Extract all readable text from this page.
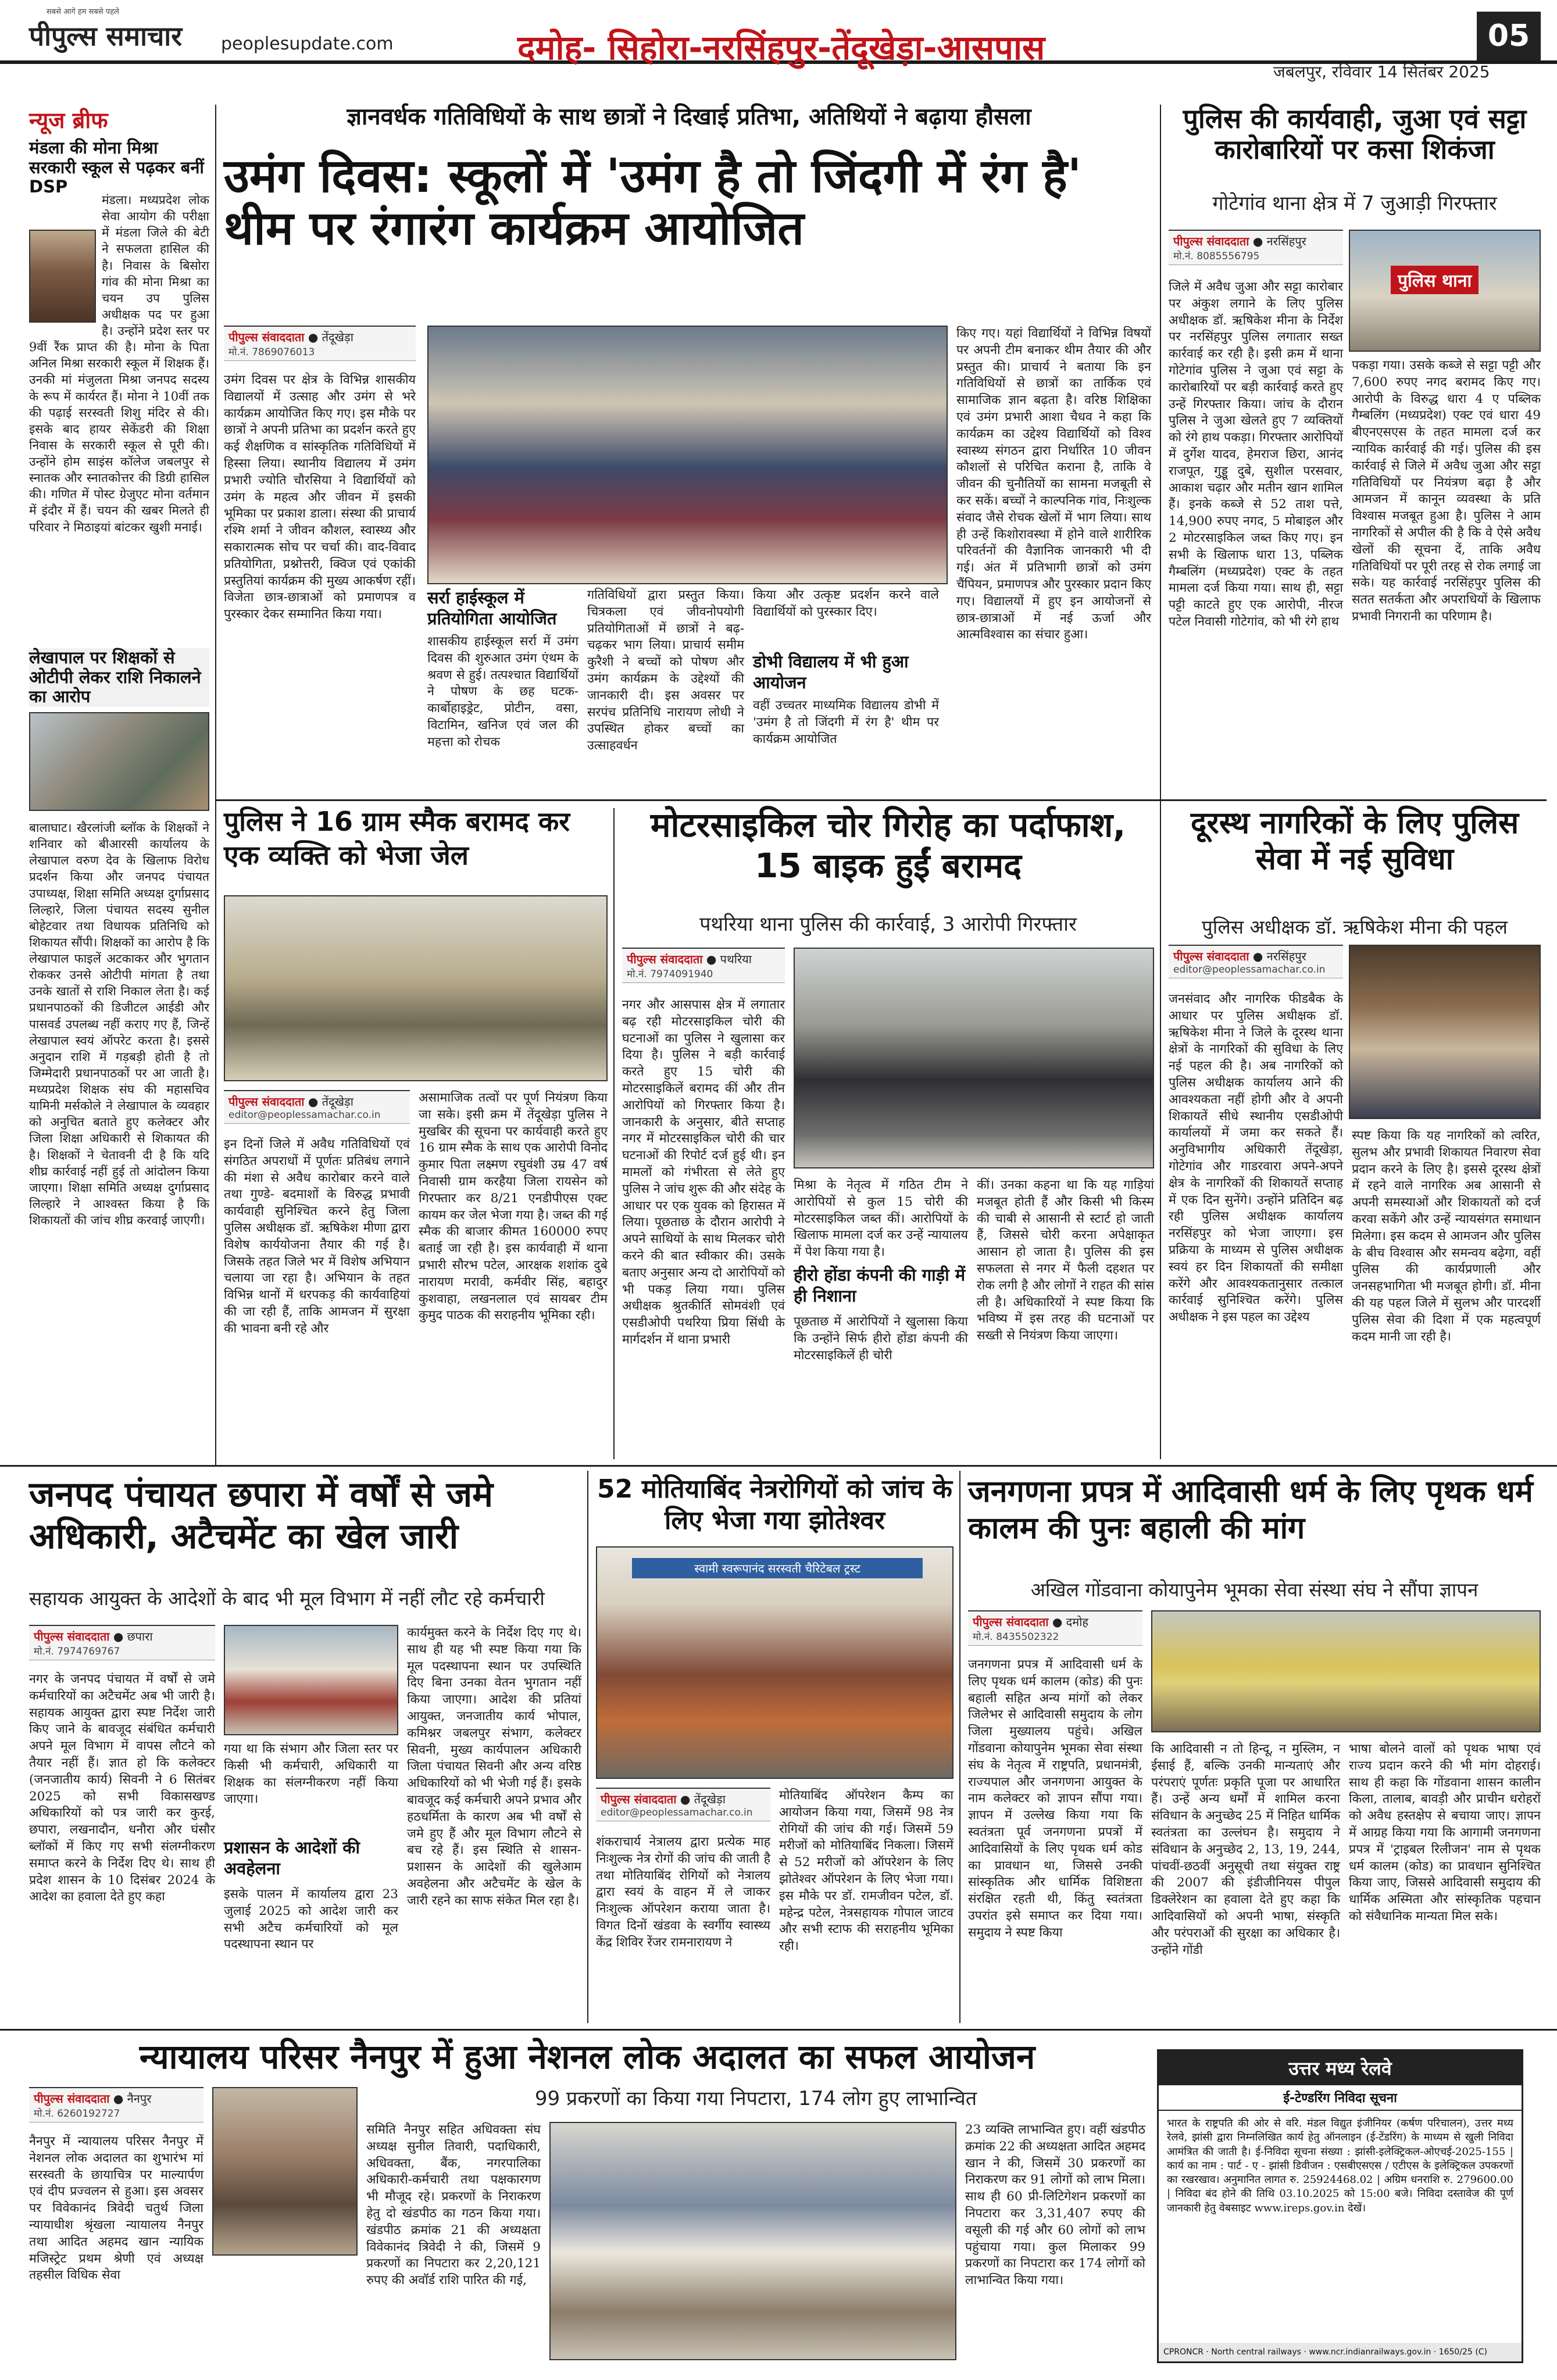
सबसे आगे हम सबसे पहले
पीपुल्स समाचार peoplesupdate.com	दमोह- सिहोरा-नरसिंहपुर-तेंदूखेड़ा-आसपास	05
जबलपुर, रविवार 14 सितंबर 2025
न्यूज ब्रीफ
मंडला की मोना मिश्रा सरकारी स्कूल से पढ़कर बनीं DSP
मंडला। मध्यप्रदेश लोक सेवा आयोग की परीक्षा में मंडला जिले की बेटी ने सफलता हासिल की है। निवास के बिसोरा गांव की मोना मिश्रा का चयन उप पुलिस अधीक्षक पद पर हुआ है। उन्होंने प्रदेश स्तर पर 9वीं रैंक प्राप्त की है। मोना के पिता अनिल मिश्रा सरकारी स्कूल में शिक्षक हैं। उनकी मां मंजुलता मिश्रा जनपद सदस्य के रूप में कार्यरत हैं। मोना ने 10वीं तक की पढ़ाई सरस्वती शिशु मंदिर से की। इसके बाद हायर सेकेंडरी की शिक्षा निवास के सरकारी स्कूल से पूरी की। उन्होंने होम साइंस कॉलेज जबलपुर से स्नातक और स्नातकोत्तर की डिग्री हासिल की। गणित में पोस्ट ग्रेजुएट मोना वर्तमान में इंदौर में हैं। चयन की खबर मिलते ही परिवार ने मिठाइयां बांटकर खुशी मनाई।
लेखापाल पर शिक्षकों से ओटीपी लेकर राशि निकालने का आरोप
बालाघाट। खैरलांजी ब्लॉक के शिक्षकों ने शनिवार को बीआरसी कार्यालय के लेखापाल वरुण देव के खिलाफ विरोध प्रदर्शन किया और जनपद पंचायत उपाध्यक्ष, शिक्षा समिति अध्यक्ष दुर्गाप्रसाद लिल्हारे, जिला पंचायत सदस्य सुनील बोहेटवार तथा विधायक प्रतिनिधि को शिकायत सौंपी। शिक्षकों का आरोप है कि लेखापाल फाइलें अटकाकर और भुगतान रोककर उनसे ओटीपी मांगता है तथा उनके खातों से राशि निकाल लेता है। कई प्रधानपाठकों की डिजीटल आईडी और पासवर्ड उपलब्ध नहीं कराए गए हैं, जिन्हें लेखापाल स्वयं ऑपरेट करता है। इससे अनुदान राशि में गड़बड़ी होती है तो जिम्मेदारी प्रधानपाठकों पर आ जाती है। मध्यप्रदेश शिक्षक संघ की महासचिव यामिनी मर्सकोले ने लेखापाल के व्यवहार को अनुचित बताते हुए कलेक्टर और जिला शिक्षा अधिकारी से शिकायत की है। शिक्षकों ने चेतावनी दी है कि यदि शीघ्र कार्रवाई नहीं हुई तो आंदोलन किया जाएगा। शिक्षा समिति अध्यक्ष दुर्गाप्रसाद लिल्हारे ने आश्वस्त किया है कि शिकायतों की जांच शीघ्र करवाई जाएगी।
ज्ञानवर्धक गतिविधियों के साथ छात्रों ने दिखाई प्रतिभा, अतिथियों ने बढ़ाया हौसला
उमंग दिवस: स्कूलों में 'उमंग है तो जिंदगी में रंग है' थीम पर रंगारंग कार्यक्रम आयोजित
पीपुल्स संवाददाता ● तेंदूखेड़ा
मो.नं. 7869076013
उमंग दिवस पर क्षेत्र के विभिन्न शासकीय विद्यालयों में उत्साह और उमंग से भरे कार्यक्रम आयोजित किए गए। इस मौके पर छात्रों ने अपनी प्रतिभा का प्रदर्शन करते हुए कई शैक्षणिक व सांस्कृतिक गतिविधियों में हिस्सा लिया। स्थानीय विद्यालय में उमंग प्रभारी ज्योति चौरसिया ने विद्यार्थियों को उमंग के महत्व और जीवन में इसकी भूमिका पर प्रकाश डाला। संस्था की प्राचार्य रश्मि शर्मा ने जीवन कौशल, स्वास्थ्य और सकारात्मक सोच पर चर्चा की। वाद-विवाद प्रतियोगिता, प्रश्नोत्तरी, क्विज एवं एकांकी प्रस्तुतियां कार्यक्रम की मुख्य आकर्षण रहीं। विजेता छात्र-छात्राओं को प्रमाणपत्र व पुरस्कार देकर सम्मानित किया गया।
सर्रा हाईस्कूल में प्रतियोगिता आयोजित
शासकीय हाईस्कूल सर्रा में उमंग दिवस की शुरुआत उमंग एंथम के श्रवण से हुई। तत्पश्चात विद्यार्थियों ने पोषण के छह घटक- कार्बोहाइड्रेट, प्रोटीन, वसा, विटामिन, खनिज एवं जल की महत्ता को रोचक
गतिविधियों द्वारा प्रस्तुत किया। चित्रकला एवं जीवनोपयोगी प्रतियोगिताओं में छात्रों ने बढ़-चढ़कर भाग लिया। प्राचार्य समीम कुरैशी ने बच्चों को पोषण और उमंग कार्यक्रम के उद्देश्यों की जानकारी दी। इस अवसर पर सरपंच प्रतिनिधि नारायण लोधी ने उपस्थित होकर बच्चों का उत्साहवर्धन
किया और उत्कृष्ट प्रदर्शन करने वाले विद्यार्थियों को पुरस्कार दिए।
डोभी विद्यालय में भी हुआ आयोजन
वहीं उच्चतर माध्यमिक विद्यालय डोभी में 'उमंग है तो जिंदगी में रंग है' थीम पर कार्यक्रम आयोजित
किए गए। यहां विद्यार्थियों ने विभिन्न विषयों पर अपनी टीम बनाकर थीम तैयार की और प्रस्तुत की। प्राचार्य ने बताया कि इन गतिविधियों से छात्रों का तार्किक एवं सामाजिक ज्ञान बढ़ता है। वरिष्ठ शिक्षिका एवं उमंग प्रभारी आशा चैधव ने कहा कि कार्यक्रम का उद्देश्य विद्यार्थियों को विश्व स्वास्थ्य संगठन द्वारा निर्धारित 10 जीवन कौशलों से परिचित कराना है, ताकि वे जीवन की चुनौतियों का सामना मजबूती से कर सकें। बच्चों ने काल्पनिक गांव, निःशुल्क संवाद जैसे रोचक खेलों में भाग लिया। साथ ही उन्हें किशोरावस्था में होने वाले शारीरिक परिवर्तनों की वैज्ञानिक जानकारी भी दी गई। अंत में प्रतिभागी छात्रों को उमंग चैंपियन, प्रमाणपत्र और पुरस्कार प्रदान किए गए। विद्यालयों में हुए इन आयोजनों से छात्र-छात्राओं में नई ऊर्जा और आत्मविश्वास का संचार हुआ।
पुलिस की कार्यवाही, जुआ एवं सट्टा कारोबारियों पर कसा शिकंजा
गोटेगांव थाना क्षेत्र में 7 जुआड़ी गिरफ्तार
पीपुल्स संवाददाता ● नरसिंहपुर
मो.नं. 8085556795
पुलिस थाना
जिले में अवैध जुआ और सट्टा कारोबार पर अंकुश लगाने के लिए पुलिस अधीक्षक डॉ. ऋषिकेश मीना के निर्देश पर नरसिंहपुर पुलिस लगातार सख्त कार्रवाई कर रही है। इसी क्रम में थाना गोटेगांव पुलिस ने जुआ एवं सट्टा के कारोबारियों पर बड़ी कार्रवाई करते हुए उन्हें गिरफ्तार किया। जांच के दौरान पुलिस ने जुआ खेलते हुए 7 व्यक्तियों को रंगे हाथ पकड़ा। गिरफ्तार आरोपियों में दुर्गेश यादव, हेमराज छिरा, आनंद राजपूत, गुड्डू दुबे, सुशील परसवार, आकाश चढ़ार और मतीन खान शामिल हैं। इनके कब्जे से 52 ताश पत्ते, 14,900 रुपए नगद, 5 मोबाइल और 2 मोटरसाइकिल जब्त किए गए। इन सभी के खिलाफ धारा 13, पब्लिक गैम्बलिंग (मध्यप्रदेश) एक्ट के तहत मामला दर्ज किया गया। साथ ही, सट्टा पट्टी काटते हुए एक आरोपी, नीरज पटेल निवासी गोटेगांव, को भी रंगे हाथ
पकड़ा गया। उसके कब्जे से सट्टा पट्टी और 7,600 रुपए नगद बरामद किए गए। आरोपी के विरुद्ध धारा 4 ए पब्लिक गैम्बलिंग (मध्यप्रदेश) एक्ट एवं धारा 49 बीएनएसएस के तहत मामला दर्ज कर न्यायिक कार्रवाई की गई। पुलिस की इस कार्रवाई से जिले में अवैध जुआ और सट्टा गतिविधियों पर नियंत्रण बढ़ा है और आमजन में कानून व्यवस्था के प्रति विश्वास मजबूत हुआ है। पुलिस ने आम नागरिकों से अपील की है कि वे ऐसे अवैध खेलों की सूचना दें, ताकि अवैध गतिविधियों पर पूरी तरह से रोक लगाई जा सके। यह कार्रवाई नरसिंहपुर पुलिस की सतत सतर्कता और अपराधियों के खिलाफ प्रभावी निगरानी का परिणाम है।
पुलिस ने 16 ग्राम स्मैक बरामद कर एक व्यक्ति को भेजा जेल
पीपुल्स संवाददाता ● तेंदूखेड़ा
editor@peoplessamachar.co.in
इन दिनों जिले में अवैध गतिविधियों एवं संगठित अपराधों में पूर्णतः प्रतिबंध लगाने की मंशा से अवैध कारोबार करने वाले तथा गुण्डे- बदमाशों के विरुद्ध प्रभावी कार्यवाही सुनिश्चित करने हेतु जिला पुलिस अधीक्षक डॉ. ऋषिकेश मीणा द्वारा विशेष कार्ययोजना तैयार की गई है। जिसके तहत जिले भर में विशेष अभियान चलाया जा रहा है। अभियान के तहत विभिन्न थानों में धरपकड़ की कार्यवाहियां की जा रही हैं, ताकि आमजन में सुरक्षा की भावना बनी रहे और
असामाजिक तत्वों पर पूर्ण नियंत्रण किया जा सके। इसी क्रम में तेंदूखेड़ा पुलिस ने मुखबिर की सूचना पर कार्यवाही करते हुए 16 ग्राम स्मैक के साथ एक आरोपी विनोद कुमार पिता लक्ष्मण रघुवंशी उम्र 47 वर्ष निवासी ग्राम करहैया जिला रायसेन को गिरफ्तार कर 8/21 एनडीपीएस एक्ट कायम कर जेल भेजा गया है। जब्त की गई स्मैक की बाजार कीमत 160000 रुपए बताई जा रही है। इस कार्यवाही में थाना प्रभारी सौरभ पटेल, आरक्षक शशांक दुबे नारायण मरावी, कर्मवीर सिंह, बहादुर कुशवाहा, लखनलाल एवं सायबर टीम कुमुद पाठक की सराहनीय भूमिका रही।
मोटरसाइकिल चोर गिरोह का पर्दाफाश, 15 बाइक हुईं बरामद
पथरिया थाना पुलिस की कार्रवाई, 3 आरोपी गिरफ्तार
पीपुल्स संवाददाता ● पथरिया
मो.नं. 7974091940
नगर और आसपास क्षेत्र में लगातार बढ़ रही मोटरसाइकिल चोरी की घटनाओं का पुलिस ने खुलासा कर दिया है। पुलिस ने बड़ी कार्रवाई करते हुए 15 चोरी की मोटरसाइकिलें बरामद कीं और तीन आरोपियों को गिरफ्तार किया है। जानकारी के अनुसार, बीते सप्ताह नगर में मोटरसाइकिल चोरी की चार घटनाओं की रिपोर्ट दर्ज हुई थी। इन मामलों को गंभीरता से लेते हुए पुलिस ने जांच शुरू की और संदेह के आधार पर एक युवक को हिरासत में लिया। पूछताछ के दौरान आरोपी ने अपने साथियों के साथ मिलकर चोरी करने की बात स्वीकार की। उसके बताए अनुसार अन्य दो आरोपियों को भी पकड़ लिया गया। पुलिस अधीक्षक श्रुतकीर्ति सोमवंशी एवं एसडीओपी पथरिया प्रिया सिंधी के मार्गदर्शन में थाना प्रभारी
मिश्रा के नेतृत्व में गठित टीम ने आरोपियों से कुल 15 चोरी की मोटरसाइकिल जब्त कीं। आरोपियों के खिलाफ मामला दर्ज कर उन्हें न्यायालय में पेश किया गया है।
हीरो होंडा कंपनी की गाड़ी में ही निशाना
पूछताछ में आरोपियों ने खुलासा किया कि उन्होंने सिर्फ हीरो होंडा कंपनी की मोटरसाइकिलें ही चोरी
कीं। उनका कहना था कि यह गाड़ियां मजबूत होती हैं और किसी भी किस्म की चाबी से आसानी से स्टार्ट हो जाती हैं, जिससे चोरी करना अपेक्षाकृत आसान हो जाता है। पुलिस की इस सफलता से नगर में फैली दहशत पर रोक लगी है और लोगों ने राहत की सांस ली है। अधिकारियों ने स्पष्ट किया कि भविष्य में इस तरह की घटनाओं पर सख्ती से नियंत्रण किया जाएगा।
दूरस्थ नागरिकों के लिए पुलिस सेवा में नई सुविधा
पुलिस अधीक्षक डॉ. ऋषिकेश मीना की पहल
पीपुल्स संवाददाता ● नरसिंहपुर
editor@peoplessamachar.co.in
जनसंवाद और नागरिक फीडबैक के आधार पर पुलिस अधीक्षक डॉ. ऋषिकेश मीना ने जिले के दूरस्थ थाना क्षेत्रों के नागरिकों की सुविधा के लिए नई पहल की है। अब नागरिकों को पुलिस अधीक्षक कार्यालय आने की आवश्यकता नहीं होगी और वे अपनी शिकायतें सीधे स्थानीय एसडीओपी कार्यालयों में जमा कर सकते हैं। अनुविभागीय अधिकारी तेंदूखेड़ा, गोटेगांव और गाडरवारा अपने-अपने क्षेत्र के नागरिकों की शिकायतें सप्ताह में एक दिन सुनेंगे। उन्होंने प्रतिदिन बढ़ रही पुलिस अधीक्षक कार्यालय नरसिंहपुर को भेजा जाएगा। इस प्रक्रिया के माध्यम से पुलिस अधीक्षक स्वयं हर दिन शिकायतों की समीक्षा करेंगे और आवश्यकतानुसार तत्काल कार्रवाई सुनिश्चित करेंगे। पुलिस अधीक्षक ने इस पहल का उद्देश्य
स्पष्ट किया कि यह नागरिकों को त्वरित, सुलभ और प्रभावी शिकायत निवारण सेवा प्रदान करने के लिए है। इससे दूरस्थ क्षेत्रों में रहने वाले नागरिक अब आसानी से अपनी समस्याओं और शिकायतों को दर्ज करवा सकेंगे और उन्हें न्यायसंगत समाधान मिलेगा। इस कदम से आमजन और पुलिस के बीच विश्वास और समन्वय बढ़ेगा, वहीं पुलिस की कार्यप्रणाली और जनसहभागिता भी मजबूत होगी। डॉ. मीना की यह पहल जिले में सुलभ और पारदर्शी पुलिस सेवा की दिशा में एक महत्वपूर्ण कदम मानी जा रही है।
जनपद पंचायत छपारा में वर्षों से जमे अधिकारी, अटैचमेंट का खेल जारी
सहायक आयुक्त के आदेशों के बाद भी मूल विभाग में नहीं लौट रहे कर्मचारी
पीपुल्स संवाददाता ● छपारा
मो.नं. 7974769767
नगर के जनपद पंचायत में वर्षों से जमे कर्मचारियों का अटैचमेंट अब भी जारी है। सहायक आयुक्त द्वारा स्पष्ट निर्देश जारी किए जाने के बावजूद संबंधित कर्मचारी अपने मूल विभाग में वापस लौटने को तैयार नहीं हैं। ज्ञात हो कि कलेक्टर (जनजातीय कार्य) सिवनी ने 6 सितंबर 2025 को सभी विकासखण्ड अधिकारियों को पत्र जारी कर कुरई, छपारा, लखनादौन, धनौरा और घंसौर ब्लॉकों में किए गए सभी संलग्नीकरण समाप्त करने के निर्देश दिए थे। साथ ही प्रदेश शासन के 10 दिसंबर 2024 के आदेश का हवाला देते हुए कहा
गया था कि संभाग और जिला स्तर पर किसी भी कर्मचारी, अधिकारी या शिक्षक का संलग्नीकरण नहीं किया जाएगा।
प्रशासन के आदेशों की अवहेलना
इसके पालन में कार्यालय द्वारा 23 जुलाई 2025 को आदेश जारी कर सभी अटैच कर्मचारियों को मूल पदस्थापना स्थान पर
कार्यमुक्त करने के निर्देश दिए गए थे। साथ ही यह भी स्पष्ट किया गया कि मूल पदस्थापना स्थान पर उपस्थिति दिए बिना उनका वेतन भुगतान नहीं किया जाएगा। आदेश की प्रतियां आयुक्त, जनजातीय कार्य भोपाल, कमिश्नर जबलपुर संभाग, कलेक्टर सिवनी, मुख्य कार्यपालन अधिकारी जिला पंचायत सिवनी और अन्य वरिष्ठ अधिकारियों को भी भेजी गई हैं। इसके बावजूद कई कर्मचारी अपने प्रभाव और हठधर्मिता के कारण अब भी वर्षों से जमे हुए हैं और मूल विभाग लौटने से बच रहे हैं। इस स्थिति से शासन-प्रशासन के आदेशों की खुलेआम अवहेलना और अटैचमेंट के खेल के जारी रहने का साफ संकेत मिल रहा है।
52 मोतियाबिंद नेत्ररोगियों को जांच के लिए भेजा गया झोतेश्वर
स्वामी स्वरूपानंद सरस्वती चैरिटेबल ट्रस्ट
पीपुल्स संवाददाता ● तेंदूखेड़ा
editor@peoplessamachar.co.in
शंकराचार्य नेत्रालय द्वारा प्रत्येक माह निःशुल्क नेत्र रोगों की जांच की जाती है तथा मोतियाबिंद रोगियों को नेत्रालय द्वारा स्वयं के वाहन में ले जाकर निःशुल्क ऑपरेशन कराया जाता है। विगत दिनों खंडवा के स्वर्गीय स्वास्थ्य केंद्र शिविर रेंजर रामनारायण ने
मोतियाबिंद ऑपरेशन कैम्प का आयोजन किया गया, जिसमें 98 नेत्र रोगियों की जांच की गई। जिसमें 59 मरीजों को मोतियाबिंद निकला। जिसमें से 52 मरीजों को ऑपरेशन के लिए झोतेश्वर ऑपरेशन के लिए भेजा गया। इस मौके पर डॉ. रामजीवन पटेल, डॉ. महेन्द्र पटेल, नेत्रसहायक गोपाल जाटव और सभी स्टाफ की सराहनीय भूमिका रही।
जनगणना प्रपत्र में आदिवासी धर्म के लिए पृथक धर्म कालम की पुनः बहाली की मांग
अखिल गोंडवाना कोयापुनेम भूमका सेवा संस्था संघ ने सौंपा ज्ञापन
पीपुल्स संवाददाता ● दमोह
मो.नं. 8435502322
जनगणना प्रपत्र में आदिवासी धर्म के लिए पृथक धर्म कालम (कोड) की पुनः बहाली सहित अन्य मांगों को लेकर जिलेभर से आदिवासी समुदाय के लोग जिला मुख्यालय पहुंचे। अखिल गोंडवाना कोयापुनेम भूमका सेवा संस्था संघ के नेतृत्व में राष्ट्रपति, प्रधानमंत्री, राज्यपाल और जनगणना आयुक्त के नाम कलेक्टर को ज्ञापन सौंपा गया। ज्ञापन में उल्लेख किया गया कि स्वतंत्रता पूर्व जनगणना प्रपत्रों में आदिवासियों के लिए पृथक धर्म कोड का प्रावधान था, जिससे उनकी सांस्कृतिक और धार्मिक विशिष्टता संरक्षित रहती थी, किंतु स्वतंत्रता उपरांत इसे समाप्त कर दिया गया। समुदाय ने स्पष्ट किया
कि आदिवासी न तो हिन्दू, न मुस्लिम, न ईसाई हैं, बल्कि उनकी मान्यताएं और परंपराएं पूर्णतः प्रकृति पूजा पर आधारित हैं। उन्हें अन्य धर्मों में शामिल करना संविधान के अनुच्छेद 25 में निहित धार्मिक स्वतंत्रता का उल्लंघन है। समुदाय ने संविधान के अनुच्छेद 2, 13, 19, 244, पांचवीं-छठवीं अनुसूची तथा संयुक्त राष्ट्र की 2007 की इंडीजीनियस पीपुल डिक्लेरेशन का हवाला देते हुए कहा कि आदिवासियों को अपनी भाषा, संस्कृति और परंपराओं की सुरक्षा का अधिकार है। उन्होंने गोंडी
भाषा बोलने वालों को पृथक भाषा एवं राज्य प्रदान करने की भी मांग दोहराई। साथ ही कहा कि गोंडवाना शासन कालीन किला, तालाब, बावड़ी और प्राचीन धरोहरों को अवैध हस्तक्षेप से बचाया जाए। ज्ञापन में आग्रह किया गया कि आगामी जनगणना प्रपत्र में 'ट्राइबल रिलीजन' नाम से पृथक धर्म कालम (कोड) का प्रावधान सुनिश्चित किया जाए, जिससे आदिवासी समुदाय की धार्मिक अस्मिता और सांस्कृतिक पहचान को संवैधानिक मान्यता मिल सके।
न्यायालय परिसर नैनपुर में हुआ नेशनल लोक अदालत का सफल आयोजन
99 प्रकरणों का किया गया निपटारा, 174 लोग हुए लाभान्वित
पीपुल्स संवाददाता ● नैनपुर
मो.नं. 6260192727
नैनपुर में न्यायालय परिसर नैनपुर में नेशनल लोक अदालत का शुभारंभ मां सरस्वती के छायाचित्र पर माल्यार्पण एवं दीप प्रज्वलन से हुआ। इस अवसर पर विवेकानंद त्रिवेदी चतुर्थ जिला न्यायाधीश श्रृंखला न्यायालय नैनपुर तथा आदित अहमद खान न्यायिक मजिस्ट्रेट प्रथम श्रेणी एवं अध्यक्ष तहसील विधिक सेवा
समिति नैनपुर सहित अधिवक्ता संघ अध्यक्ष सुनील तिवारी, पदाधिकारी, अधिवक्ता, बैंक, नगरपालिका अधिकारी-कर्मचारी तथा पक्षकारगण भी मौजूद रहे। प्रकरणों के निराकरण हेतु दो खंडपीठ का गठन किया गया। खंडपीठ क्रमांक 21 की अध्यक्षता विवेकानंद त्रिवेदी ने की, जिसमें 9 प्रकरणों का निपटारा कर 2,20,121 रुपए की अवॉर्ड राशि पारित की गई,
23 व्यक्ति लाभान्वित हुए। वहीं खंडपीठ क्रमांक 22 की अध्यक्षता आदित अहमद खान ने की, जिसमें 30 प्रकरणों का निराकरण कर 91 लोगों को लाभ मिला। साथ ही 60 प्री-लिटिगेशन प्रकरणों का निपटारा कर 3,31,407 रुपए की वसूली की गई और 60 लोगों को लाभ पहुंचाया गया। कुल मिलाकर 99 प्रकरणों का निपटारा कर 174 लोगों को लाभान्वित किया गया।
उत्तर मध्य रेलवे
ई-टेण्डरिंग निविदा सूचना
भारत के राष्ट्रपति की ओर से वरि. मंडल विद्युत इंजीनियर (कर्षण परिचालन), उत्तर मध्य रेलवे, झांसी द्वारा निम्नलिखित कार्य हेतु ऑनलाइन (ई-टेंडरिंग) के माध्यम से खुली निविदा आमंत्रित की जाती है। ई-निविदा सूचना संख्या : झांसी-इलेक्ट्रिकल-ओएचई-2025-155 | कार्य का नाम : पार्ट - ए - झांसी डिवीजन : एसबीएसएस / एटीएस के इलेक्ट्रिकल उपकरणों का रखरखाव। अनुमानित लागत रु. 25924468.02 | अग्रिम धनराशि रु. 279600.00 | निविदा बंद होने की तिथि 03.10.2025 को 15:00 बजे। निविदा दस्तावेज की पूर्ण जानकारी हेतु वेबसाइट www.ireps.gov.in देखें।
CPRONCR · North central railways · www.ncr.indianrailways.gov.in · 1650/25 (C)
